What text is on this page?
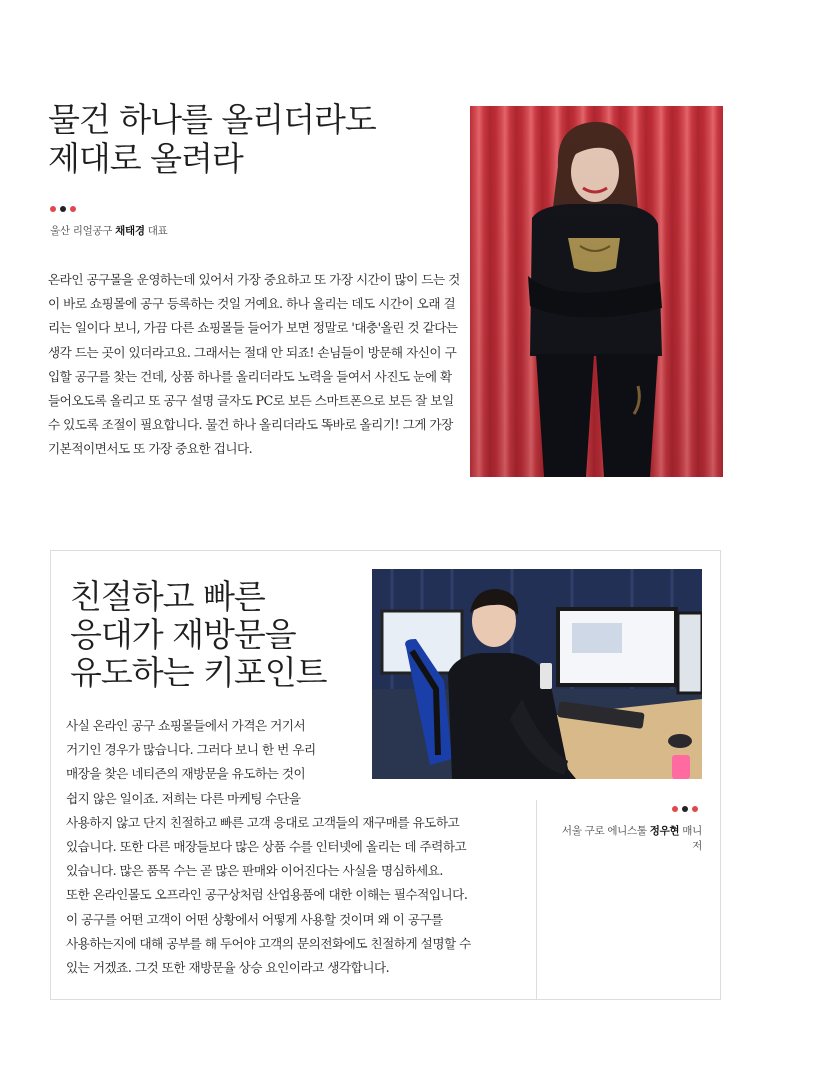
물건 하나를 올리더라도
제대로 올려라
울산 리얼공구 채태경 대표

온라인 공구몰을 운영하는데 있어서 가장 중요하고 또 가장 시간이 많이 드는 것이 바로 쇼핑몰에 공구 등록하는 것일 거예요. 하나 올리는 데도 시간이 오래 걸리는 일이다 보니, 가끔 다른 쇼핑몰들 들어가 보면 정말로 '대충'올린 것 같다는 생각 드는 곳이 있더라고요. 그래서는 절대 안 되죠! 손님들이 방문해 자신이 구입할 공구를 찾는 건데, 상품 하나를 올리더라도 노력을 들여서 사진도 눈에 확 들어오도록 올리고 또 공구 설명 글자도 PC로 보든 스마트폰으로 보든 잘 보일 수 있도록 조절이 필요합니다. 물건 하나 올리더라도 똑바로 올리기! 그게 가장 기본적이면서도 또 가장 중요한 겁니다.

친절하고 빠른
응대가 재방문을
유도하는 키포인트

사실 온라인 공구 쇼핑몰들에서 가격은 거기서
거기인 경우가 많습니다. 그러다 보니 한 번 우리
매장을 찾은 네티즌의 재방문을 유도하는 것이
쉽지 않은 일이죠. 저희는 다른 마케팅 수단을
사용하지 않고 단지 친절하고 빠른 고객 응대로 고객들의 재구매를 유도하고
있습니다. 또한 다른 매장들보다 많은 상품 수를 인터넷에 올리는 데 주력하고
있습니다. 많은 품목 수는 곧 많은 판매와 이어진다는 사실을 명심하세요.
또한 온라인몰도 오프라인 공구상처럼 산업용품에 대한 이해는 필수적입니다.
이 공구를 어떤 고객이 어떤 상황에서 어떻게 사용할 것이며 왜 이 공구를
사용하는지에 대해 공부를 해 두어야 고객의 문의전화에도 친절하게 설명할 수
있는 거겠죠. 그것 또한 재방문율 상승 요인이라고 생각합니다.

서울 구로 에니스툴 정우현 매니저
